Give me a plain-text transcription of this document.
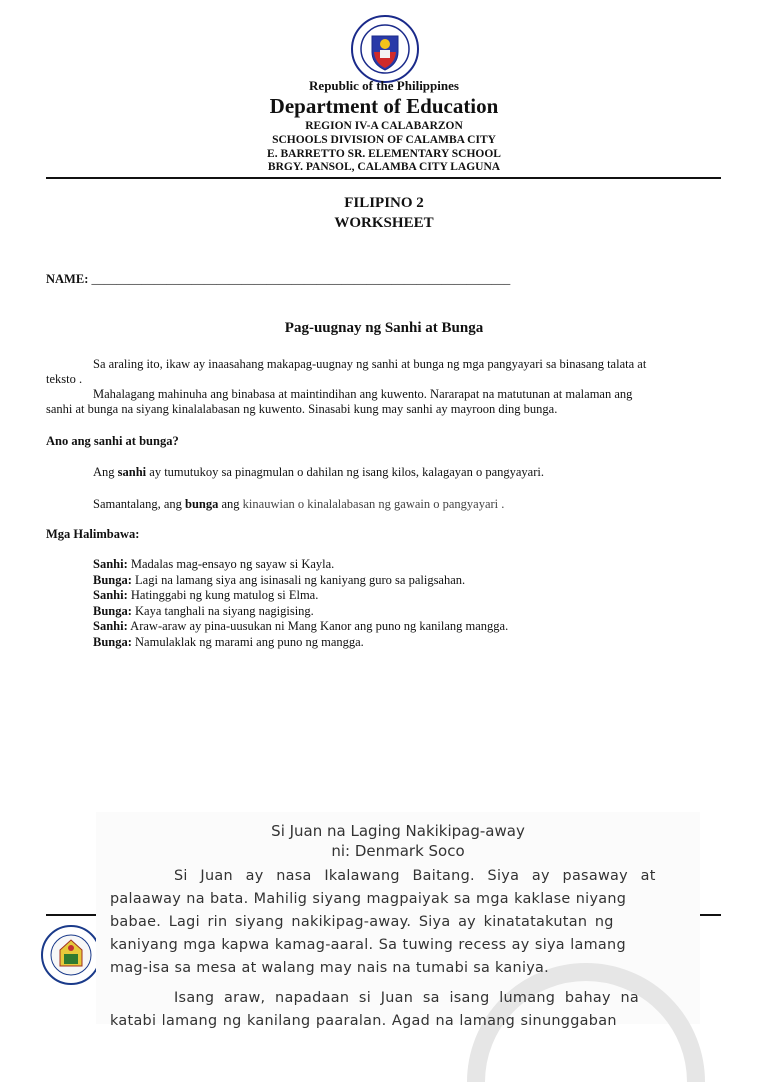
Republic of the Philippines
Department of Education
REGION IV-A CALABARZON
SCHOOLS DIVISION OF CALAMBA CITY
E. BARRETTO SR. ELEMENTARY SCHOOL
BRGY. PANSOL, CALAMBA CITY LAGUNA
FILIPINO 2
WORKSHEET
NAME: ___________________________________________________________________
Pag-uugnay ng Sanhi at Bunga

Sa araling ito, ikaw ay inaasahang makapag-uugnay ng sanhi at bunga ng mga pangyayari sa binasang talata at

teksto .

Mahalagang mahinuha ang binabasa at maintindihan ang kuwento. Nararapat na matutunan at malaman ang

sanhi at bunga na siyang kinalalabasan ng kuwento. Sinasabi kung may sanhi ay mayroon ding bunga.

Ano ang sanhi at bunga?

Ang sanhi ay tumutukoy sa pinagmulan o dahilan ng isang kilos, kalagayan o pangyayari.

Samantalang, ang bunga ang kinauwian o kinalalabasan ng gawain o pangyayari .

Mga Halimbawa:

Sanhi: Madalas mag-ensayo ng sayaw si Kayla.
Bunga: Lagi na lamang siya ang isinasali ng kaniyang guro sa paligsahan.
Sanhi: Hatinggabi ng kung matulog si Elma.
Bunga: Kaya tanghali na siyang nagigising.
Sanhi: Araw-araw ay pina-uusukan ni Mang Kanor ang puno ng kanilang mangga.
Bunga: Namulaklak ng marami ang puno ng mangga.
Si Juan na Laging Nakikipag-away
ni: Denmark Soco
Si Juan ay nasa Ikalawang Baitang. Siya ay pasaway at
palaaway na bata. Mahilig siyang magpaiyak sa mga kaklase niyang
babae. Lagi rin siyang nakikipag-away. Siya ay kinatatakutan ng
kaniyang mga kapwa kamag-aaral. Sa tuwing recess ay siya lamang
mag-isa sa mesa at walang may nais na tumabi sa kaniya.
Isang araw, napadaan si Juan sa isang lumang bahay na
katabi lamang ng kanilang paaralan. Agad na lamang sinunggaban
